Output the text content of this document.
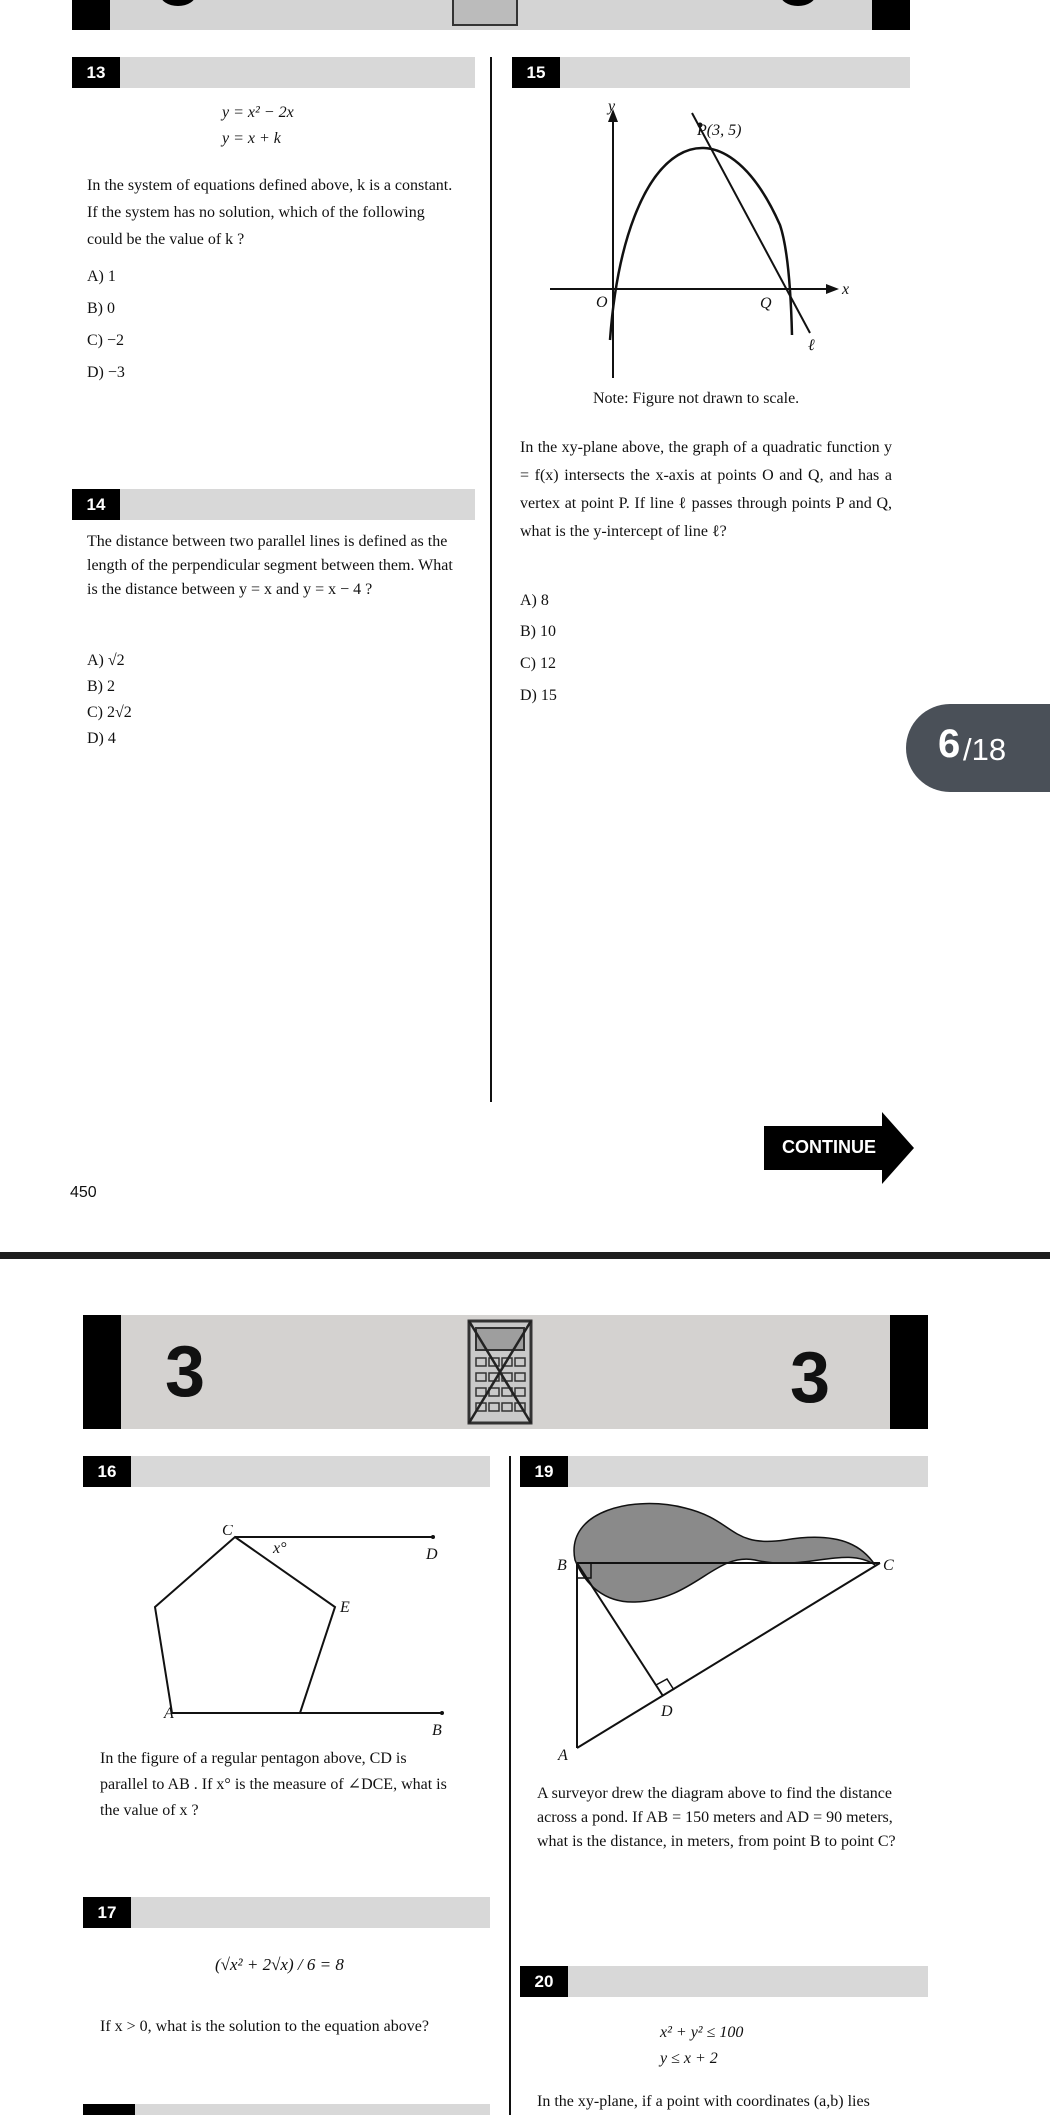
13
y = x² − 2x
y = x + k
In the system of equations defined above, k is a constant. If the system has no solution, which of the following could be the value of k ?
A) 1
B) 0
C) −2
D) −3
14
The distance between two parallel lines is defined as the length of the perpendicular segment between them. What is the distance between y = x and y = x − 4 ?
A) √2
B) 2
C) 2√2
D) 4
15
y
x
P(3, 5)
O	Q
ℓ
Note: Figure not drawn to scale.
In the xy-plane above, the graph of a quadratic function y = f(x) intersects the x-axis at points O and Q, and has a vertex at point P. If line ℓ passes through points P and Q, what is the y-intercept of line ℓ?
A) 8
B) 10
C) 12
D) 15
6 /18
CONTINUE
450
3	3
16
C
x°	D
E
A
B
In the figure of a regular pentagon above, CD is parallel to AB . If x° is the measure of ∠DCE, what is the value of x ?
17
(√x² + 2√x) / 6 = 8
If x > 0, what is the solution to the equation above?
19
B	C
D
A
A surveyor drew the diagram above to find the distance across a pond. If AB = 150 meters and AD = 90 meters, what is the distance, in meters, from point B to point C?
20
x² + y² ≤ 100
y ≤ x + 2
In the xy-plane, if a point with coordinates (a,b) lies
